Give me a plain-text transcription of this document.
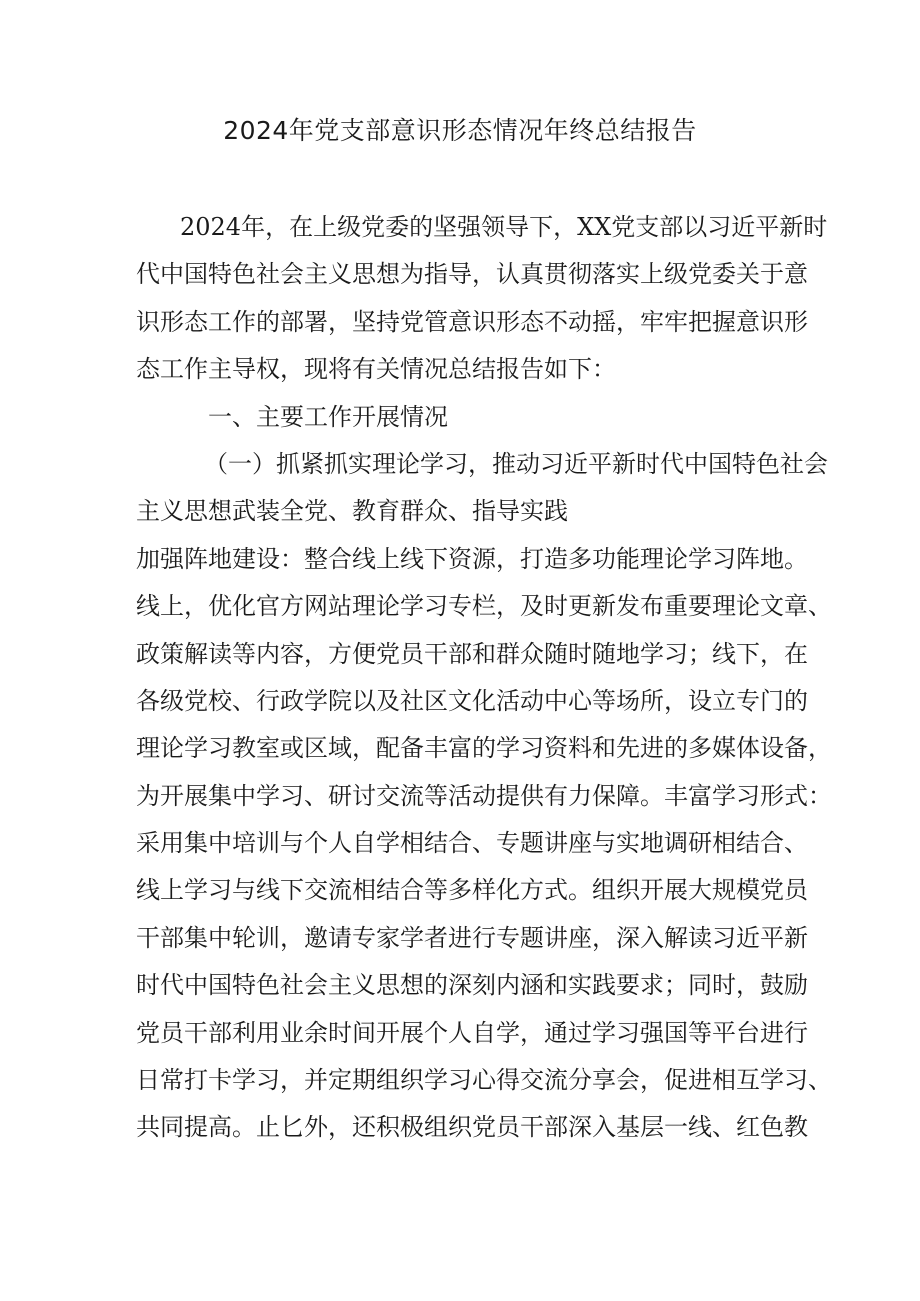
2024年党支部意识形态情况年终总结报告
2024年，在上级党委的坚强领导下，XX党支部以习近平新时
代中国特色社会主义思想为指导，认真贯彻落实上级党委关于意
识形态工作的部署，坚持党管意识形态不动摇，牢牢把握意识形
态工作主导权，现将有关情况总结报告如下：
一、主要工作开展情况
（一）抓紧抓实理论学习，推动习近平新时代中国特色社会
主义思想武装全党、教育群众、指导实践
加强阵地建设：整合线上线下资源，打造多功能理论学习阵地。
线上，优化官方网站理论学习专栏，及时更新发布重要理论文章、
政策解读等内容，方便党员干部和群众随时随地学习；线下，在
各级党校、行政学院以及社区文化活动中心等场所，设立专门的
理论学习教室或区域，配备丰富的学习资料和先进的多媒体设备，
为开展集中学习、研讨交流等活动提供有力保障。丰富学习形式：
采用集中培训与个人自学相结合、专题讲座与实地调研相结合、
线上学习与线下交流相结合等多样化方式。组织开展大规模党员
干部集中轮训，邀请专家学者进行专题讲座，深入解读习近平新
时代中国特色社会主义思想的深刻内涵和实践要求；同时，鼓励
党员干部利用业余时间开展个人自学，通过学习强国等平台进行
日常打卡学习，并定期组织学习心得交流分享会，促进相互学习、
共同提高。止匕外，还积极组织党员干部深入基层一线、红色教
